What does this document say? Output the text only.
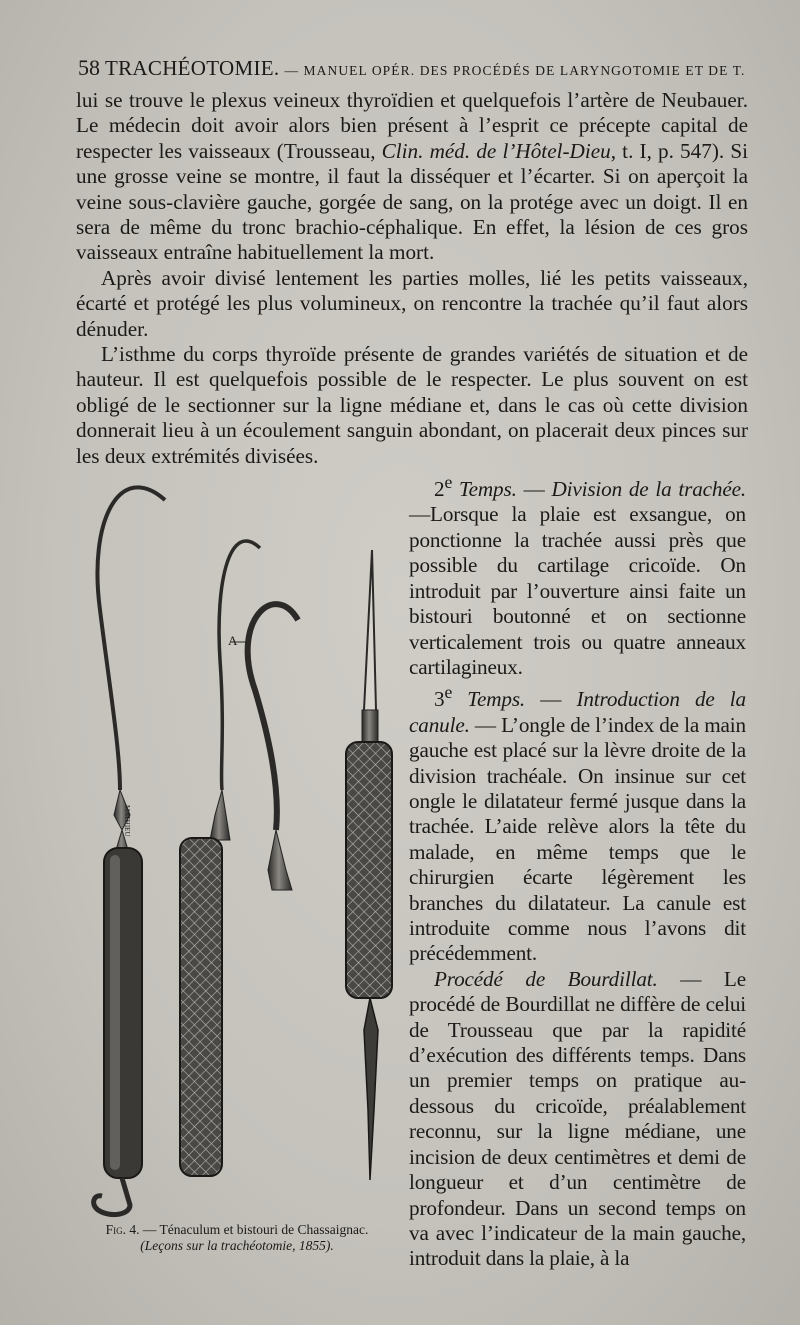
58 TRACHÉOTOMIE. — MANUEL OPÉR. DES PROCÉDÉS DE LARYNGOTOMIE ET DE T.

lui se trouve le plexus veineux thyroïdien et quelquefois l’artère de Neubauer. Le médecin doit avoir alors bien présent à l’esprit ce précepte capital de respecter les vaisseaux (Trousseau, Clin. méd. de l’Hôtel-Dieu, t. I, p. 547). Si une grosse veine se montre, il faut la disséquer et l’écarter. Si on aperçoit la veine sous-clavière gauche, gorgée de sang, on la protége avec un doigt. Il en sera de même du tronc brachio-céphalique. En effet, la lésion de ces gros vaisseaux entraîne habituellement la mort.

Après avoir divisé lentement les parties molles, lié les petits vaisseaux, écarté et protégé les plus volumineux, on rencontre la trachée qu’il faut alors dénuder.

L’isthme du corps thyroïde présente de grandes variétés de situation et de hauteur. Il est quelquefois possible de le respecter. Le plus souvent on est obligé de le sectionner sur la ligne médiane et, dans le cas où cette division donnerait lieu à un écoulement sanguin abondant, on placerait deux pinces sur les deux extrémités divisées.

2e Temps. — Division de la trachée.—Lorsque la plaie est exsangue, on ponctionne la trachée aussi près que possible du cartilage cricoïde. On introduit par l’ouverture ainsi faite un bistouri boutonné et on sectionne verticalement trois ou quatre anneaux cartilagineux.

3e Temps. — Introduction de la canule. — L’ongle de l’index de la main gauche est placé sur la lèvre droite de la division trachéale. On insinue sur cet ongle le dilatateur fermé jusque dans la trachée. L’aide relève alors la tête du malade, en même temps que le chirurgien écarte légèrement les branches du dilatateur. La canule est introduite comme nous l’avons dit précédemment.

Procédé de Bourdillat. — Le procédé de Bourdillat ne diffère de celui de Trousseau que par la rapidité d’exécution des différents temps. Dans un premier temps on pratique au-dessous du cricoïde, préalablement reconnu, sur la ligne médiane, une incision de deux centimètres et demi de longueur et d’un centimètre de profondeur. Dans un second temps on va avec l’indicateur de la main gauche, introduit dans la plaie, à la

MATHIEU
A
Fig. 4. — Ténaculum et bistouri de Chassaignac.
(Leçons sur la trachéotomie, 1855).
